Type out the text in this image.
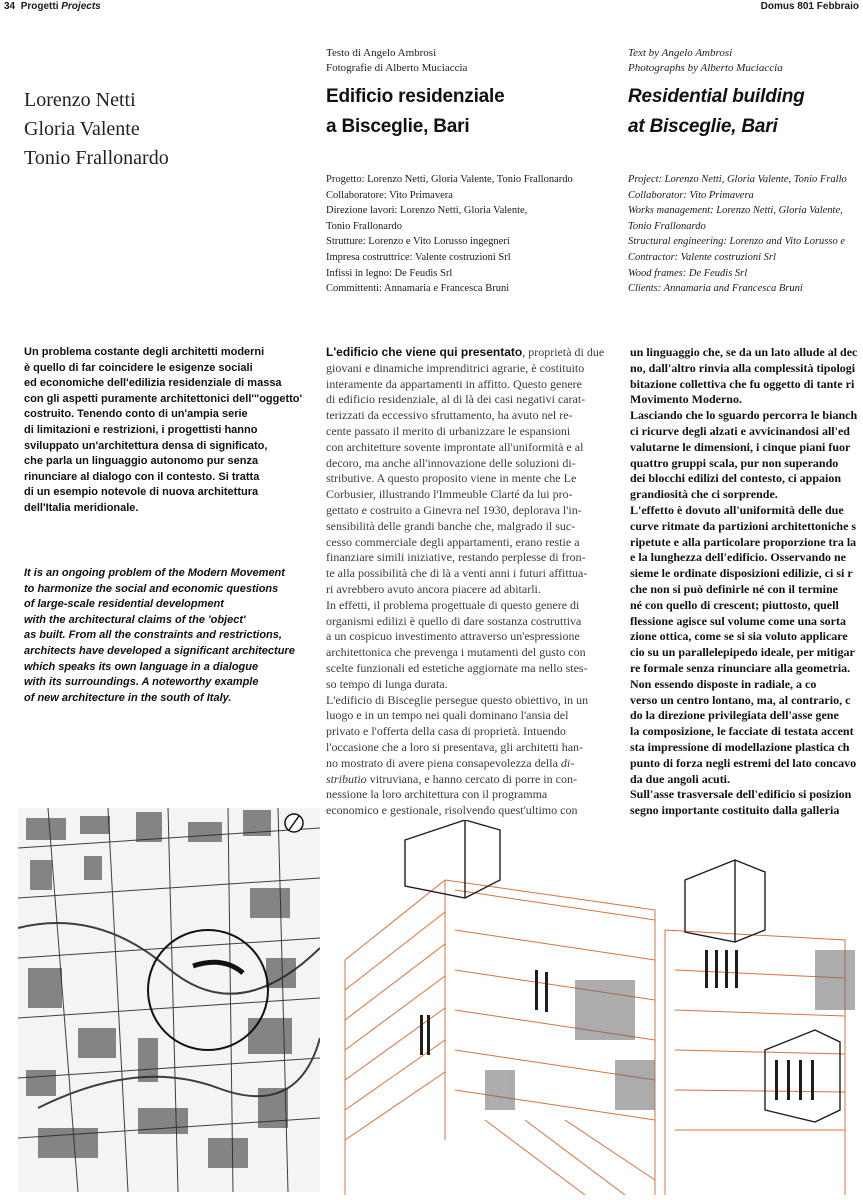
34 Progetti Projects	Domus 801 Febbraio
Lorenzo Netti
Gloria Valente
Tonio Frallonardo
Testo di Angelo Ambrosi
Fotografie di Alberto Muciaccia
Edificio residenziale
a Bisceglie, Bari
Progetto: Lorenzo Netti, Gloria Valente, Tonio Frallonardo
Collaboratore: Vito Primavera
Direzione lavori: Lorenzo Netti, Gloria Valente,
Tonio Frallonardo
Strutture: Lorenzo e Vito Lorusso ingegneri
Impresa costruttrice: Valente costruzioni Srl
Infissi in legno: De Feudis Srl
Committenti: Annamaria e Francesca Bruni
Text by Angelo Ambrosi
Photographs by Alberto Muciaccia
Residential building
at Bisceglie, Bari
Project: Lorenzo Netti, Gloria Valente, Tonio Frallo
Collaborator: Vito Primavera
Works management: Lorenzo Netti, Gloria Valente,
Tonio Frallonardo
Structural engineering: Lorenzo and Vito Lorusso e
Contractor: Valente costruzioni Srl
Wood frames: De Feudis Srl
Clients: Annamaria and Francesca Bruni
Un problema costante degli architetti moderni
è quello di far coincidere le esigenze sociali
ed economiche dell'edilizia residenziale di massa
con gli aspetti puramente architettonici dell'"oggetto'
costruito. Tenendo conto di un'ampia serie
di limitazioni e restrizioni, i progettisti hanno
sviluppato un'architettura densa di significato,
che parla un linguaggio autonomo pur senza
rinunciare al dialogo con il contesto. Si tratta
di un esempio notevole di nuova architettura
dell'Italia meridionale.
It is an ongoing problem of the Modern Movement
to harmonize the social and economic questions
of large-scale residential development
with the architectural claims of the 'object'
as built. From all the constraints and restrictions,
architects have developed a significant architecture
which speaks its own language in a dialogue
with its surroundings. A noteworthy example
of new architecture in the south of Italy.

L'edificio che viene qui presentato, proprietà di due

giovani e dinamiche imprenditrici agrarie, è costituito

interamente da appartamenti in affitto. Questo genere

di edificio residenziale, al di là dei casi negativi carat-

terizzati da eccessivo sfruttamento, ha avuto nel re-

cente passato il merito di urbanizzare le espansioni

con architetture sovente improntate all'uniformità e al

decoro, ma anche all'innovazione delle soluzioni di-

stributive. A questo proposito viene in mente che Le

Corbusier, illustrando l'Immeuble Clarté da lui pro-

gettato e costruito a Ginevra nel 1930, deplorava l'in-

sensibilità delle grandi banche che, malgrado il suc-

cesso commerciale degli appartamenti, erano restie a

finanziare simili iniziative, restando perplesse di fron-

te alla possibilità che di là a venti anni i futuri affittua-

ri avrebbero avuto ancora piacere ad abitarli.

In effetti, il problema progettuale di questo genere di

organismi edilizi è quello di dare sostanza costruttiva

a un cospicuo investimento attraverso un'espressione

architettonica che prevenga i mutamenti del gusto con

scelte funzionali ed estetiche aggiornate ma nello stes-

so tempo di lunga durata.

L'edificio di Bisceglie persegue questo obiettivo, in un

luogo e in un tempo nei quali dominano l'ansia del

privato e l'offerta della casa di proprietà. Intuendo

l'occasione che a loro si presentava, gli architetti han-

no mostrato di avere piena consapevolezza della di-

stributio vitruviana, e hanno cercato di porre in con-

nessione la loro architettura con il programma

economico e gestionale, risolvendo quest'ultimo con

un linguaggio che, se da un lato allude al dec
no, dall'altro rinvia alla complessità tipologi
bitazione collettiva che fu oggetto di tante ri
Movimento Moderno.
Lasciando che lo sguardo percorra le bianch
ci ricurve degli alzati e avvicinandosi all'ed
valutarne le dimensioni, i cinque piani fuor
quattro gruppi scala, pur non superando
dei blocchi edilizi del contesto, ci appaion
grandiosità che ci sorprende.
L'effetto è dovuto all'uniformità delle due
curve ritmate da partizioni architettoniche s
ripetute e alla particolare proporzione tra la
e la lunghezza dell'edificio. Osservando ne
sieme le ordinate disposizioni edilizie, ci si r
che non si può definirle né con il termine
né con quello di crescent; piuttosto, quell
flessione agisce sul volume come una sorta
zione ottica, come se si sia voluto applicare
cio su un parallelepipedo ideale, per mitigar
re formale senza rinunciare alla geometria.
Non essendo disposte in radiale, a co
verso un centro lontano, ma, al contrario, c
do la direzione privilegiata dell'asse gene
la composizione, le facciate di testata accent
sta impressione di modellazione plastica ch
punto di forza negli estremi del lato concavo
da due angoli acuti.
Sull'asse trasversale dell'edificio si posizion
segno importante costituito dalla galleria
